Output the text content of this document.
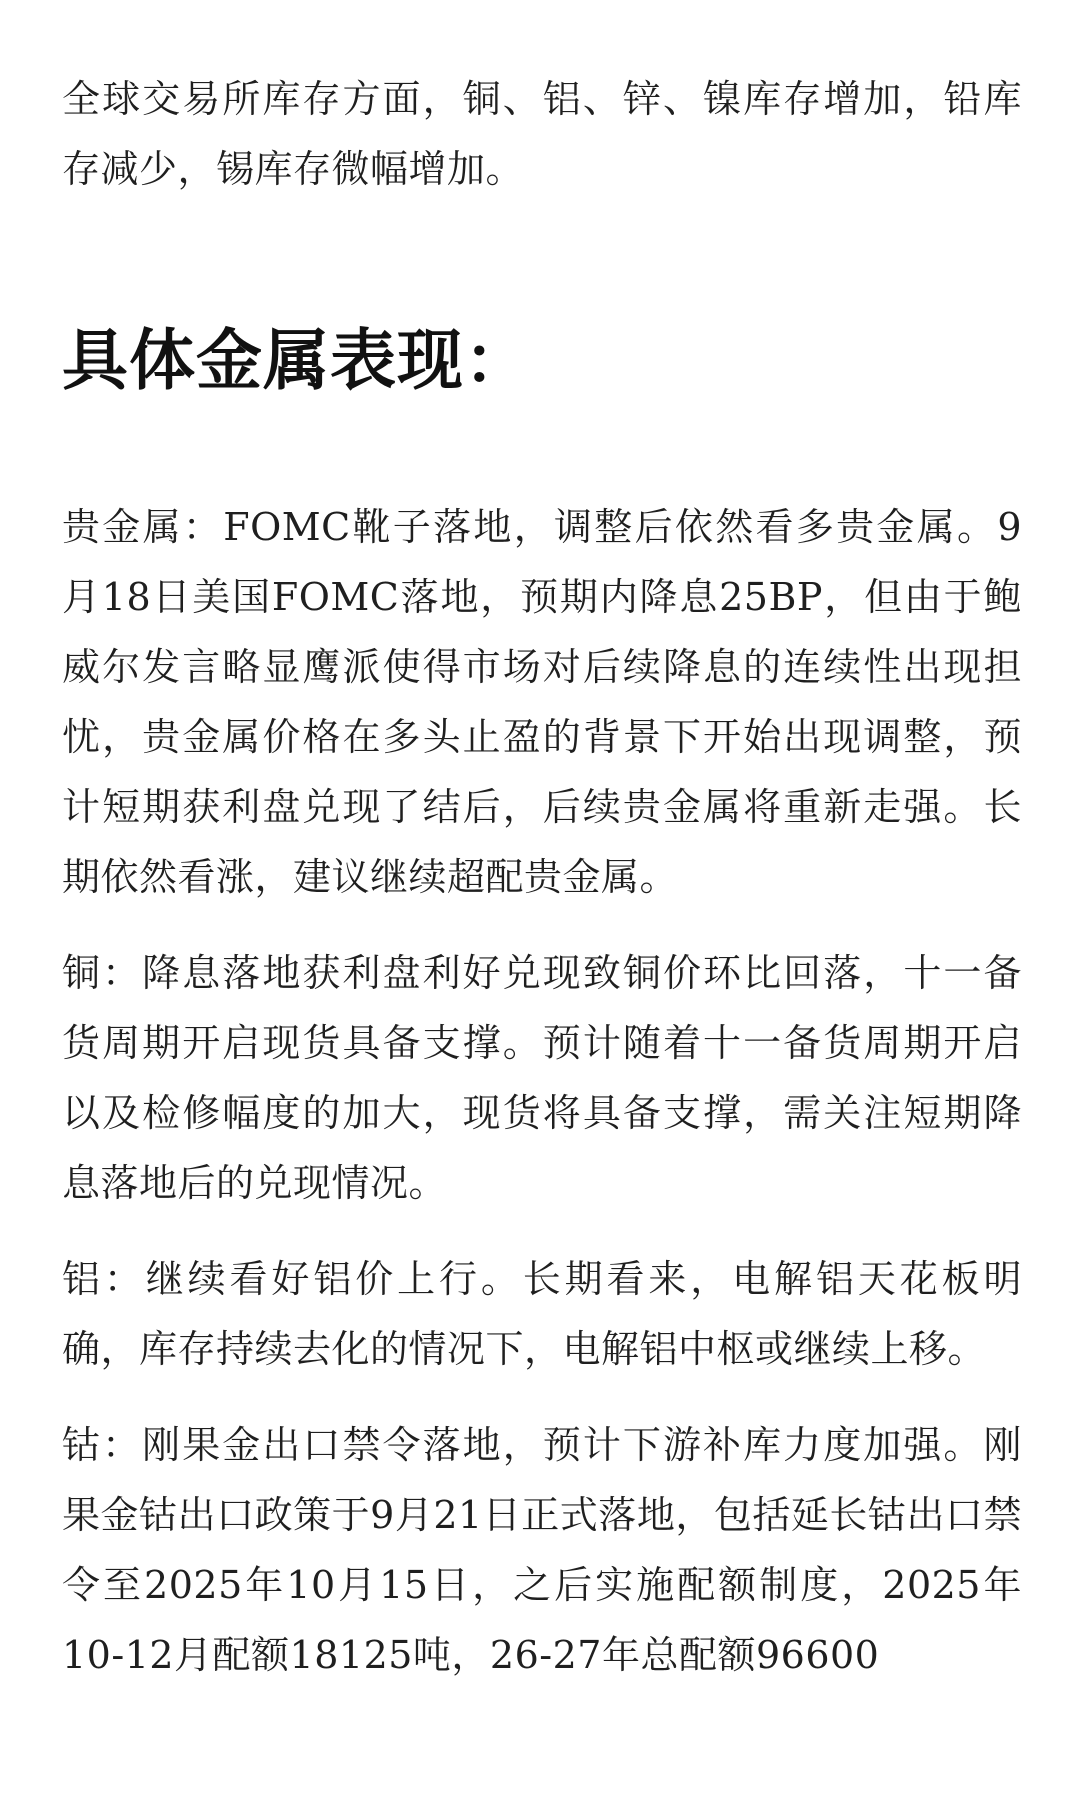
全球交易所库存方面，铜、铝、锌、镍库存增加，铅库存减少，锡库存微幅增加。

具体金属表现：

贵金属：FOMC靴子落地，调整后依然看多贵金属。9月18日美国FOMC落地，预期内降息25BP，但由于鲍威尔发言略显鹰派使得市场对后续降息的连续性出现担忧，贵金属价格在多头止盈的背景下开始出现调整，预计短期获利盘兑现了结后，后续贵金属将重新走强。长期依然看涨，建议继续超配贵金属。

铜：降息落地获利盘利好兑现致铜价环比回落，十一备货周期开启现货具备支撑。预计随着十一备货周期开启以及检修幅度的加大，现货将具备支撑，需关注短期降息落地后的兑现情况。

铝：继续看好铝价上行。长期看来，电解铝天花板明确，库存持续去化的情况下，电解铝中枢或继续上移。

钴：刚果金出口禁令落地，预计下游补库力度加强。刚果金钴出口政策于9月21日正式落地，包括延长钴出口禁令至2025年10月15日，之后实施配额制度，2025年10-12月配额18125吨，26-27年总配额96600
